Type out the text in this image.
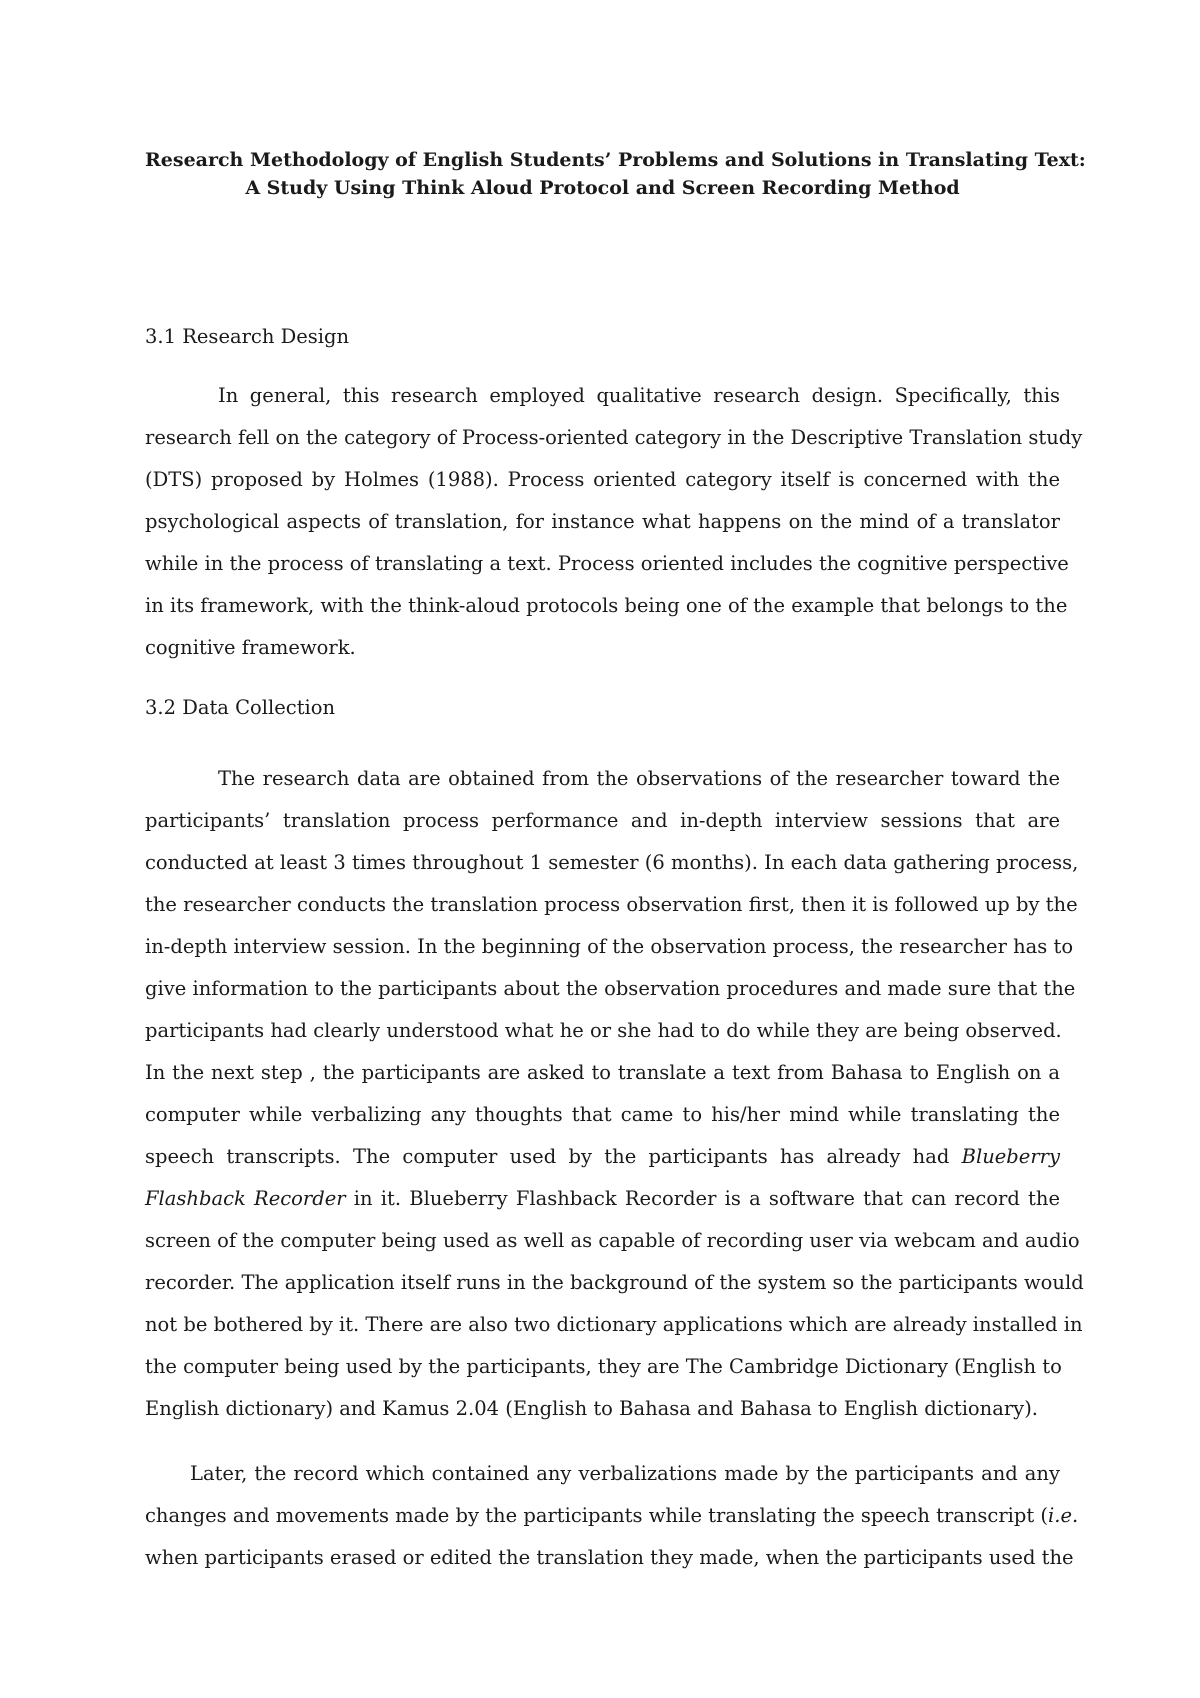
Research Methodology of English Students’ Problems and Solutions in Translating Text:
A Study Using Think Aloud Protocol and Screen Recording Method
3.1 Research Design
In general, this research employed qualitative research design. Specifically, this
research fell on the category of Process-oriented category in the Descriptive Translation study
(DTS) proposed by Holmes (1988). Process oriented category itself is concerned with the
psychological aspects of translation, for instance what happens on the mind of a translator
while in the process of translating a text. Process oriented includes the cognitive perspective
in its framework, with the think-aloud protocols being one of the example that belongs to the
cognitive framework.
3.2 Data Collection
The research data are obtained from the observations of the researcher toward the
participants’ translation process performance and in-depth interview sessions that are
conducted at least 3 times throughout 1 semester (6 months). In each data gathering process,
the researcher conducts the translation process observation first, then it is followed up by the
in-depth interview session. In the beginning of the observation process, the researcher has to
give information to the participants about the observation procedures and made sure that the
participants had clearly understood what he or she had to do while they are being observed.
In the next step , the participants are asked to translate a text from Bahasa to English on a
computer while verbalizing any thoughts that came to his/her mind while translating the
speech transcripts. The computer used by the participants has already had Blueberry
Flashback Recorder in it. Blueberry Flashback Recorder is a software that can record the
screen of the computer being used as well as capable of recording user via webcam and audio
recorder. The application itself runs in the background of the system so the participants would
not be bothered by it. There are also two dictionary applications which are already installed in
the computer being used by the participants, they are The Cambridge Dictionary (English to
English dictionary) and Kamus 2.04 (English to Bahasa and Bahasa to English dictionary).
Later, the record which contained any verbalizations made by the participants and any
changes and movements made by the participants while translating the speech transcript (i.e.
when participants erased or edited the translation they made, when the participants used the
